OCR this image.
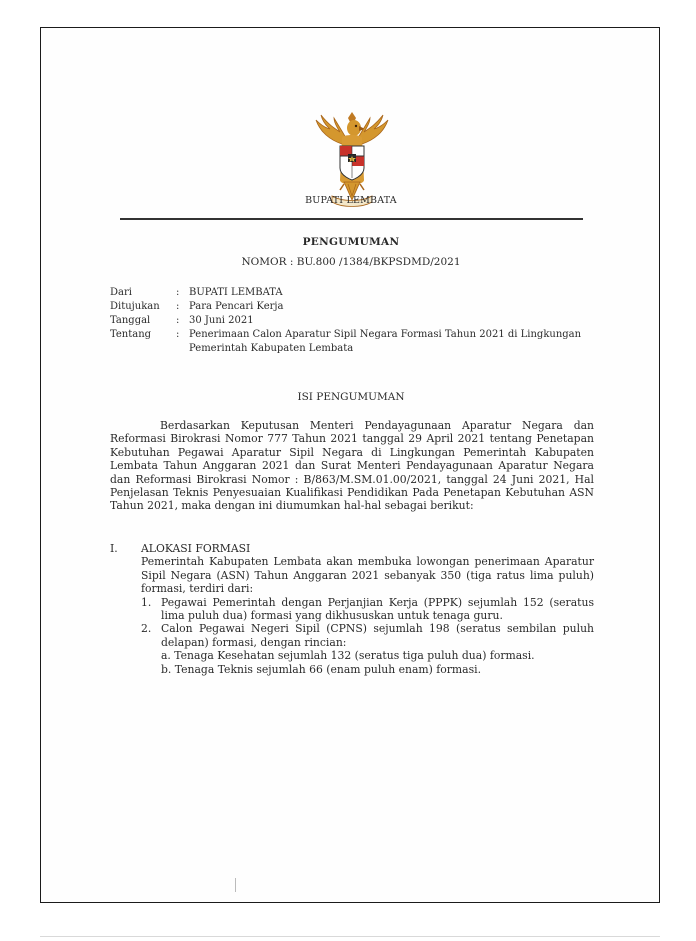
BUPATI LEMBATA
PENGUMUMAN
NOMOR : BU.800 /1384/BKPSDMD/2021
Dari	: BUPATI LEMBATA
Ditujukan	: Para Pencari Kerja
Tanggal	: 30 Juni 2021
Tentang	: Penerimaan Calon Aparatur Sipil Negara Formasi Tahun 2021 di Lingkungan Pemerintah Kabupaten Lembata
ISI PENGUMUMAN
Berdasarkan Keputusan Menteri Pendayagunaan Aparatur Negara dan Reformasi Birokrasi Nomor 777 Tahun 2021 tanggal 29 April 2021 tentang Penetapan Kebutuhan Pegawai Aparatur Sipil Negara di Lingkungan Pemerintah Kabupaten Lembata Tahun Anggaran 2021 dan Surat Menteri Pendayagunaan Aparatur Negara dan Reformasi Birokrasi Nomor : B/863/M.SM.01.00/2021, tanggal 24 Juni 2021, Hal Penjelasan Teknis Penyesuaian Kualifikasi Pendidikan Pada Penetapan Kebutuhan ASN Tahun 2021, maka dengan ini diumumkan hal-hal sebagai berikut:
I.	ALOKASI FORMASI
Pemerintah Kabupaten Lembata akan membuka lowongan penerimaan Aparatur Sipil Negara (ASN) Tahun Anggaran 2021 sebanyak 350 (tiga ratus lima puluh) formasi, terdiri dari:
1. Pegawai Pemerintah dengan Perjanjian Kerja (PPPK) sejumlah 152 (seratus lima puluh dua) formasi yang dikhususkan untuk tenaga guru.
2. Calon Pegawai Negeri Sipil (CPNS) sejumlah 198 (seratus sembilan puluh delapan) formasi, dengan rincian:
a. Tenaga Kesehatan sejumlah 132 (seratus tiga puluh dua) formasi.
b. Tenaga Teknis sejumlah 66 (enam puluh enam) formasi.
